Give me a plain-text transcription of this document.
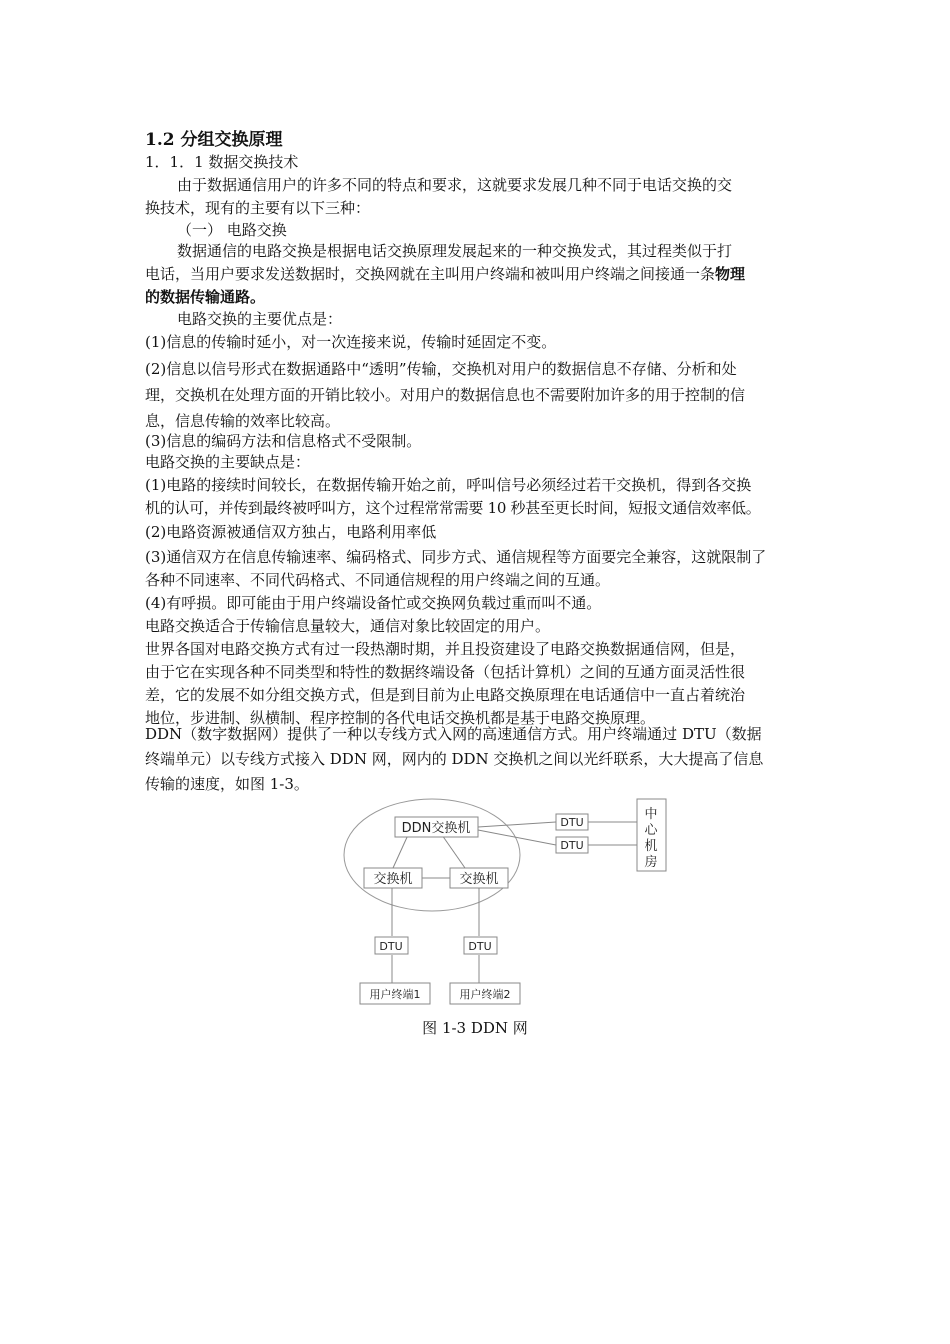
1.2 分组交换原理
1．1．1 数据交换技术
由于数据通信用户的许多不同的特点和要求，这就要求发展几种不同于电话交换的交
换技术，现有的主要有以下三种：
（一） 电路交换
数据通信的电路交换是根据电话交换原理发展起来的一种交换发式，其过程类似于打
电话，当用户要求发送数据时，交换网就在主叫用户终端和被叫用户终端之间接通一条物理
的数据传输通路。
电路交换的主要优点是：
(1)信息的传输时延小，对一次连接来说，传输时延固定不变。
(2)信息以信号形式在数据通路中“透明”传输，交换机对用户的数据信息不存储、分析和处
理，交换机在处理方面的开销比较小。对用户的数据信息也不需要附加许多的用于控制的信
息，信息传输的效率比较高。
(3)信息的编码方法和信息格式不受限制。
电路交换的主要缺点是：
(1)电路的接续时间较长，在数据传输开始之前，呼叫信号必须经过若干交换机，得到各交换
机的认可，并传到最终被呼叫方，这个过程常常需要 10 秒甚至更长时间，短报文通信效率低。
(2)电路资源被通信双方独占，电路利用率低
(3)通信双方在信息传输速率、编码格式、同步方式、通信规程等方面要完全兼容，这就限制了
各种不同速率、不同代码格式、不同通信规程的用户终端之间的互通。
(4)有呼损。即可能由于用户终端设备忙或交换网负载过重而叫不通。
电路交换适合于传输信息量较大，通信对象比较固定的用户。
世界各国对电路交换方式有过一段热潮时期，并且投资建设了电路交换数据通信网，但是，
由于它在实现各种不同类型和特性的数据终端设备（包括计算机）之间的互通方面灵活性很
差，它的发展不如分组交换方式，但是到目前为止电路交换原理在电话通信中一直占着统治
地位，步进制、纵横制、程序控制的各代电话交换机都是基于电路交换原理。
DDN（数字数据网）提供了一种以专线方式入网的高速通信方式。用户终端通过 DTU（数据
终端单元）以专线方式接入 DDN 网，网内的 DDN 交换机之间以光纤联系，大大提高了信息
传输的速度，如图 1-3。
DDN交换机
交换机	交换机
DTU
DTU
中
心
机
房
DTU	DTU
用户终端1	用户终端2
图 1-3 DDN 网
